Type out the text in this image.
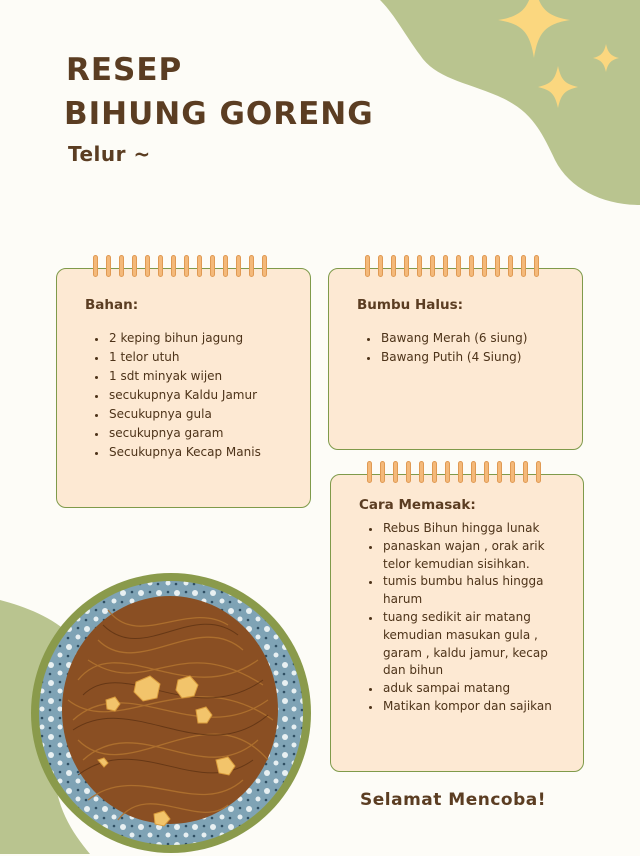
RESEP
BIHUNG GORENG
Telur ~
Bahan:
• 2 keping bihun jagung
• 1 telor utuh
• 1 sdt minyak wijen
• secukupnya Kaldu Jamur
• Secukupnya gula
• secukupnya garam
• Secukupnya Kecap Manis
Bumbu Halus:
• Bawang Merah (6 siung)
• Bawang Putih (4 Siung)
Cara Memasak:
• Rebus Bihun hingga lunak
• panaskan wajan , orak arik telor kemudian sisihkan.
• tumis bumbu halus hingga harum
• tuang sedikit air matang kemudian masukan gula , garam , kaldu jamur, kecap dan bihun
• aduk sampai matang
• Matikan kompor dan sajikan
Selamat Mencoba!
